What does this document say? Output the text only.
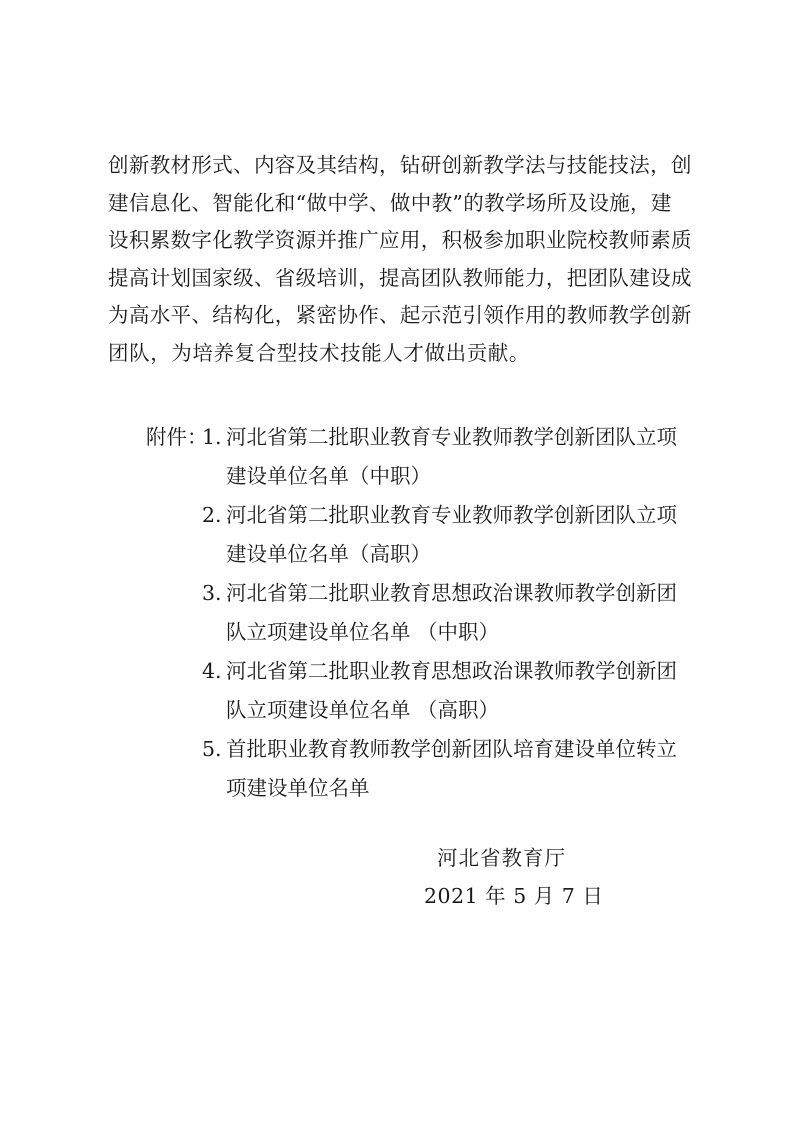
创新教材形式、内容及其结构，钻研创新教学法与技能技法，创
建信息化、智能化和“做中学、做中教”的教学场所及设施，建
设积累数字化教学资源并推广应用，积极参加职业院校教师素质
提高计划国家级、省级培训，提高团队教师能力，把团队建设成
为高水平、结构化，紧密协作、起示范引领作用的教师教学创新
团队，为培养复合型技术技能人才做出贡献。
附件：
1. 河北省第二批职业教育专业教师教学创新团队立项
建设单位名单（中职）
2. 河北省第二批职业教育专业教师教学创新团队立项
建设单位名单（高职）
3. 河北省第二批职业教育思想政治课教师教学创新团
队立项建设单位名单 （中职）
4. 河北省第二批职业教育思想政治课教师教学创新团
队立项建设单位名单 （高职）
5. 首批职业教育教师教学创新团队培育建设单位转立
项建设单位名单
河北省教育厅
2021 年 5 月 7 日
